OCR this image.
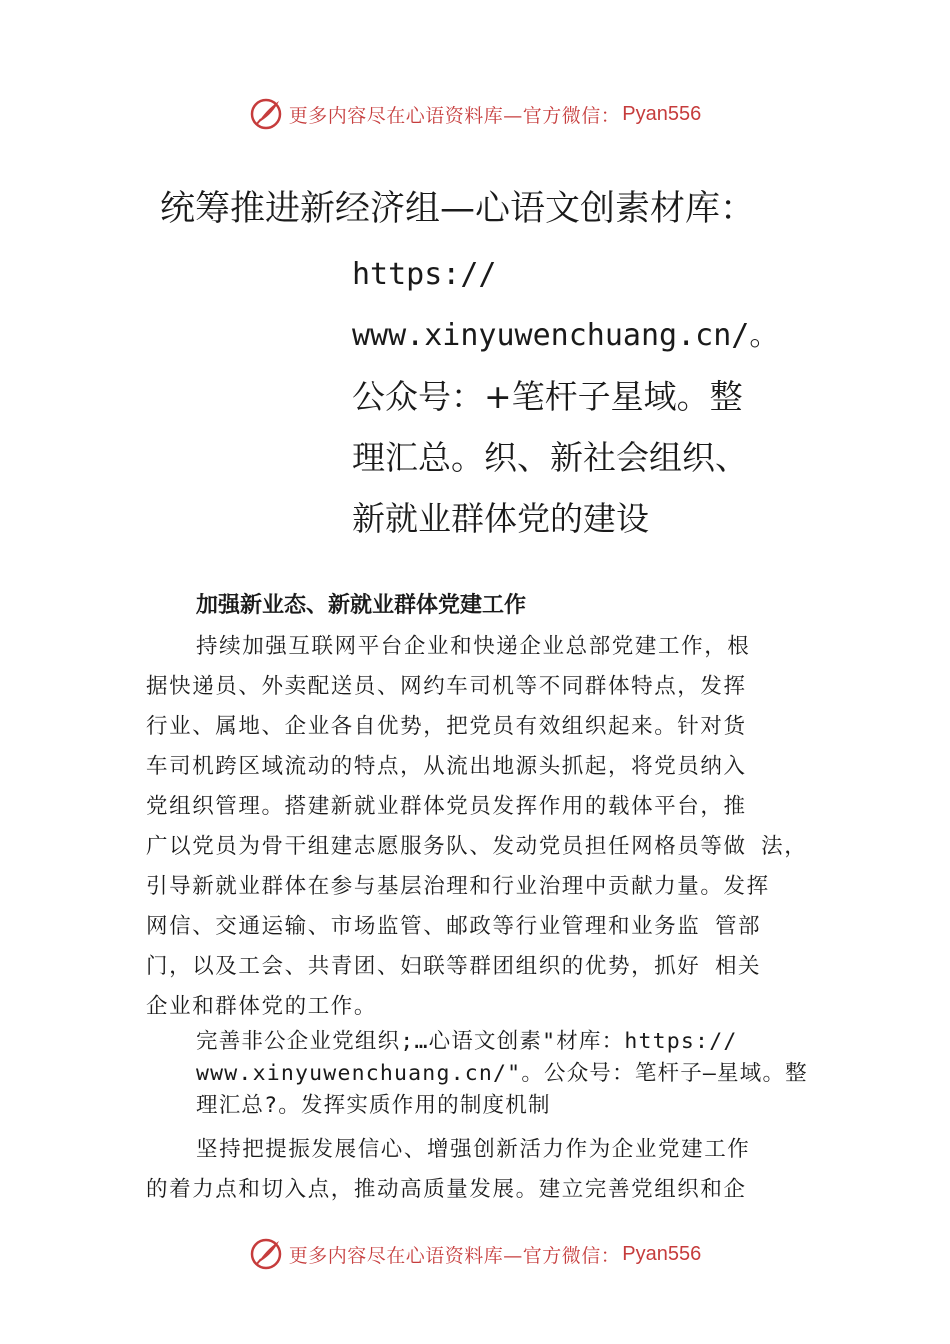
更多内容尽在心语资料库— 官方微信： Pyan556
统筹推进新经济组—心语文创素材库：
https://
www.xinyuwenchuang.cn/。
公众号：+笔杆子星域。整
理汇总。织、新社会组织、
新就业群体党的建设
加强新业态、新就业群体党建工作
持续加强互联网平台企业和快递企业总部党建工作，根
据快递员、外卖配送员、网约车司机等不同群体特点，发挥
行业、属地、企业各自优势，把党员有效组织起来。针对货
车司机跨区域流动的特点，从流出地源头抓起，将党员纳入
党组织管理。搭建新就业群体党员发挥作用的载体平台，推
广以党员为骨干组建志愿服务队、发动党员担任网格员等做 法，
引导新就业群体在参与基层治理和行业治理中贡献力量。发挥
网信、交通运输、市场监管、邮政等行业管理和业务监 管部
门，以及工会、共青团、妇联等群团组织的优势，抓好 相关
企业和群体党的工作。
完善非公企业党组织;…心语文创素"材库：https://
www.xinyuwenchuang.cn/"。公众号：笔杆子—星域。整
理汇总?。发挥实质作用的制度机制
坚持把提振发展信心、增强创新活力作为企业党建工作
的着力点和切入点，推动高质量发展。建立完善党组织和企
更多内容尽在心语资料库— 官方微信： Pyan556
